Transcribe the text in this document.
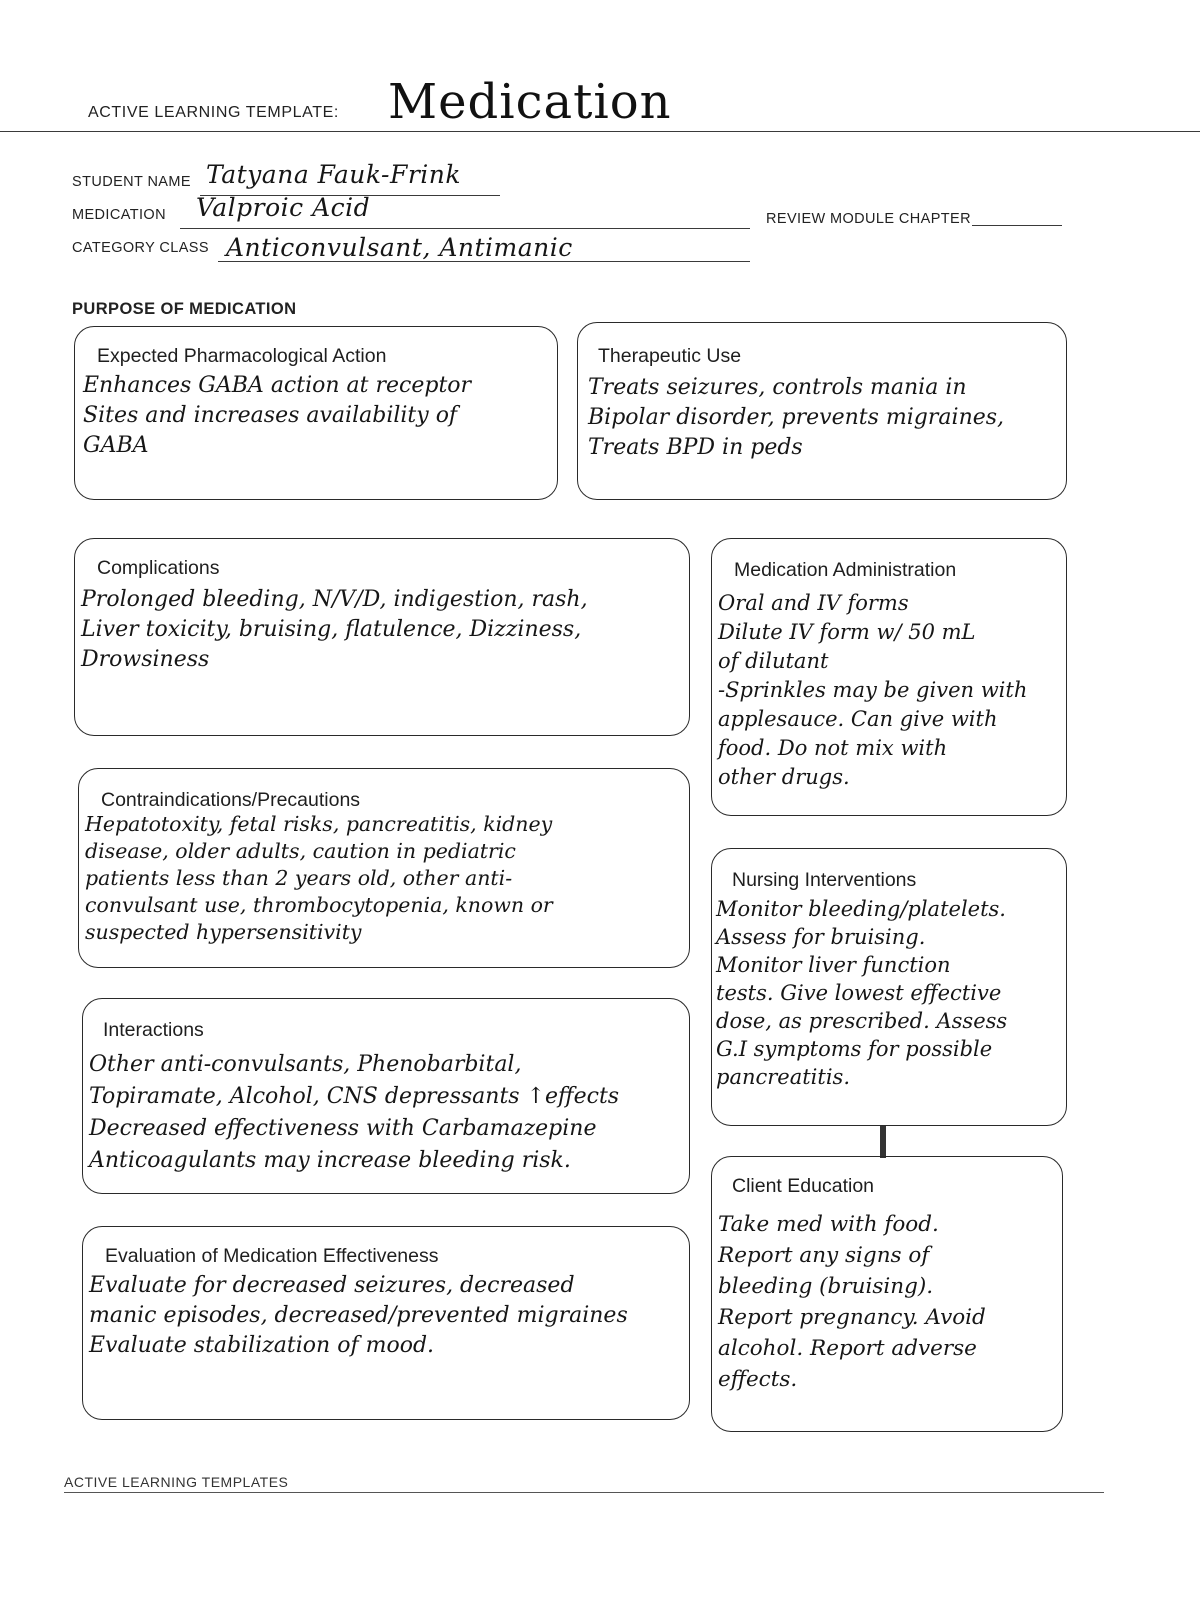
ACTIVE LEARNING TEMPLATE: Medication
STUDENT NAME Tatyana Fauk-Frink
MEDICATION Valproic Acid	REVIEW MODULE CHAPTER
CATEGORY CLASS Anticonvulsant, Antimanic
PURPOSE OF MEDICATION
Expected Pharmacological Action
Enhances GABA action at receptor
Sites and increases availability of
GABA
Therapeutic Use
Treats seizures, controls mania in
Bipolar disorder, prevents migraines,
Treats BPD in peds
Complications
Prolonged bleeding, N/V/D, indigestion, rash,
Liver toxicity, bruising, flatulence, Dizziness,
Drowsiness
Medication Administration
Oral and IV forms
Dilute IV form w/ 50 mL
of dilutant
-Sprinkles may be given with
applesauce. Can give with
food. Do not mix with
other drugs.
Contraindications/Precautions
Hepatotoxity, fetal risks, pancreatitis, kidney
disease, older adults, caution in pediatric
patients less than 2 years old, other anti-
convulsant use, thrombocytopenia, known or
suspected hypersensitivity
Nursing Interventions
Monitor bleeding/platelets.
Assess for bruising.
Monitor liver function
tests. Give lowest effective
dose, as prescribed. Assess
G.I symptoms for possible
pancreatitis.
Interactions
Other anti-convulsants, Phenobarbital,
Topiramate, Alcohol, CNS depressants ↑effects
Decreased effectiveness with Carbamazepine
Anticoagulants may increase bleeding risk.
Client Education
Take med with food.
Report any signs of
bleeding (bruising).
Report pregnancy. Avoid
alcohol. Report adverse
effects.
Evaluation of Medication Effectiveness
Evaluate for decreased seizures, decreased
manic episodes, decreased/prevented migraines
Evaluate stabilization of mood.
ACTIVE LEARNING TEMPLATES
